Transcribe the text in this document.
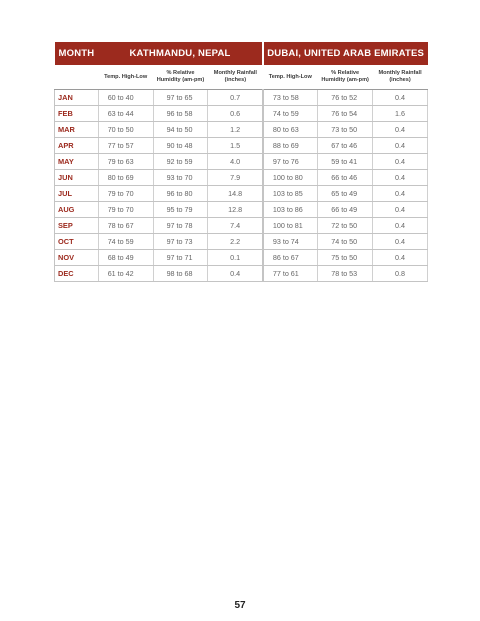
MONTH	KATHMANDU, NEPAL			DUBAI, UNITED ARAB EMIRATES		
	Temp. High-Low	% Relative Humidity (am-pm)	Monthly Rainfall (inches)	Temp. High-Low	% Relative Humidity (am-pm)	Monthly Rainfall (inches)
JAN	60 to 40	97 to 65	0.7	73 to 58	76 to 52	0.4
FEB	63 to 44	96 to 58	0.6	74 to 59	76 to 54	1.6
MAR	70 to 50	94 to 50	1.2	80 to 63	73 to 50	0.4
APR	77 to 57	90 to 48	1.5	88 to 69	67 to 46	0.4
MAY	79 to 63	92 to 59	4.0	97 to 76	59 to 41	0.4
JUN	80 to 69	93 to 70	7.9	100 to 80	66 to 46	0.4
JUL	79 to 70	96 to 80	14.8	103 to 85	65 to 49	0.4
AUG	79 to 70	95 to 79	12.8	103 to 86	66 to 49	0.4
SEP	78 to 67	97 to 78	7.4	100 to 81	72 to 50	0.4
OCT	74 to 59	97 to 73	2.2	93 to 74	74 to 50	0.4
NOV	68 to 49	97 to 71	0.1	86 to 67	75 to 50	0.4
DEC	61 to 42	98 to 68	0.4	77 to 61	78 to 53	0.8
57
